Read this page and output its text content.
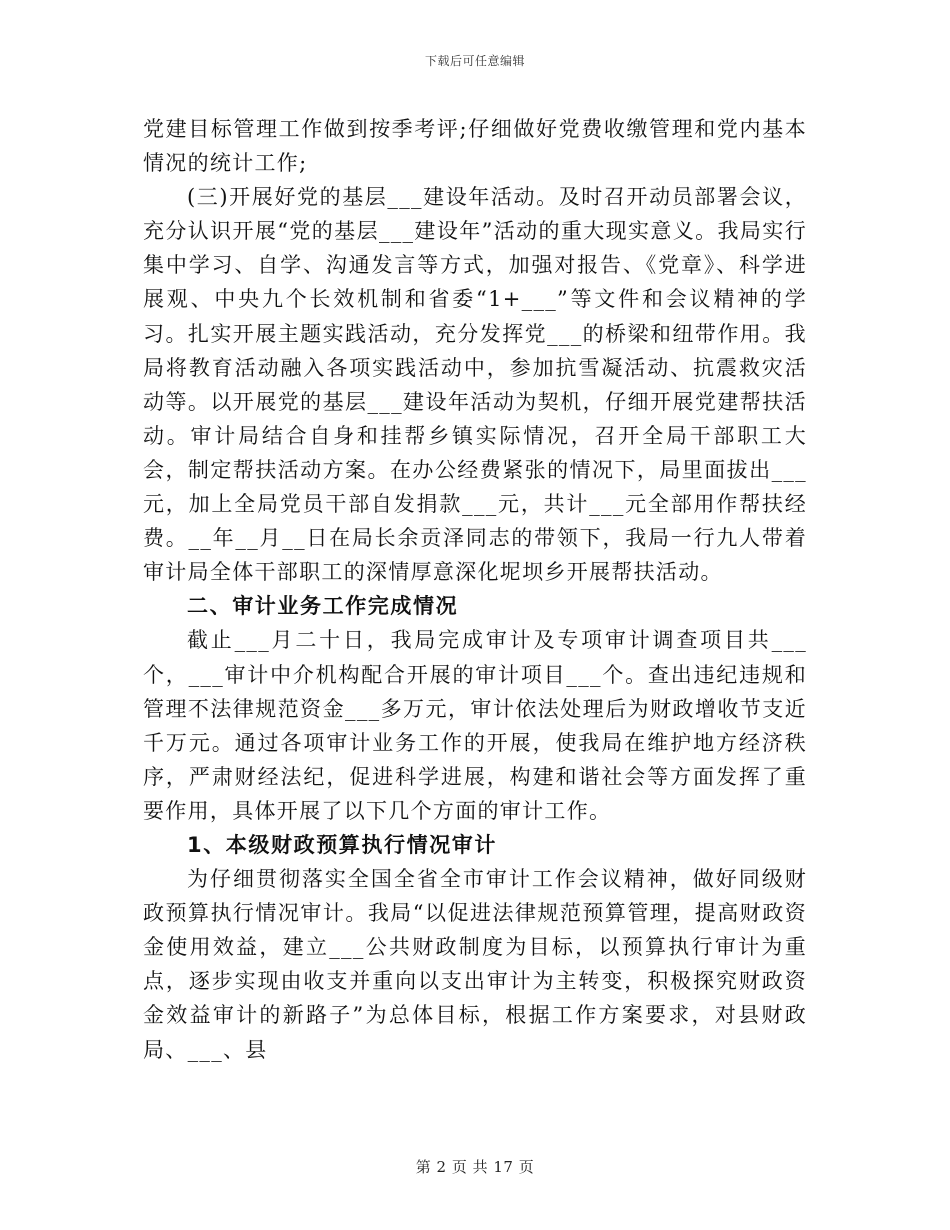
下载后可任意编辑

党建目标管理工作做到按季考评;仔细做好党费收缴管理和党内基本情况的统计工作;

(三)开展好党的基层___建设年活动。及时召开动员部署会议，充分认识开展“党的基层___建设年”活动的重大现实意义。我局实行集中学习、自学、沟通发言等方式，加强对报告、《党章》、科学进展观、中央九个长效机制和省委“1+___”等文件和会议精神的学习。扎实开展主题实践活动，充分发挥党___的桥梁和纽带作用。我局将教育活动融入各项实践活动中，参加抗雪凝活动、抗震救灾活动等。以开展党的基层___建设年活动为契机，仔细开展党建帮扶活动。审计局结合自身和挂帮乡镇实际情况，召开全局干部职工大会，制定帮扶活动方案。在办公经费紧张的情况下，局里面拔出___元，加上全局党员干部自发捐款___元，共计___元全部用作帮扶经费。__年__月__日在局长余贡泽同志的带领下，我局一行九人带着审计局全体干部职工的深情厚意深化坭坝乡开展帮扶活动。

二、审计业务工作完成情况

截止___月二十日，我局完成审计及专项审计调查项目共___个，___审计中介机构配合开展的审计项目___个。查出违纪违规和管理不法律规范资金___多万元，审计依法处理后为财政增收节支近千万元。通过各项审计业务工作的开展，使我局在维护地方经济秩序，严肃财经法纪，促进科学进展，构建和谐社会等方面发挥了重要作用，具体开展了以下几个方面的审计工作。

1、本级财政预算执行情况审计

为仔细贯彻落实全国全省全市审计工作会议精神，做好同级财政预算执行情况审计。我局“以促进法律规范预算管理，提高财政资金使用效益，建立___公共财政制度为目标，以预算执行审计为重点，逐步实现由收支并重向以支出审计为主转变，积极探究财政资金效益审计的新路子”为总体目标，根据工作方案要求，对县财政局、___、县

第 2 页 共 17 页
